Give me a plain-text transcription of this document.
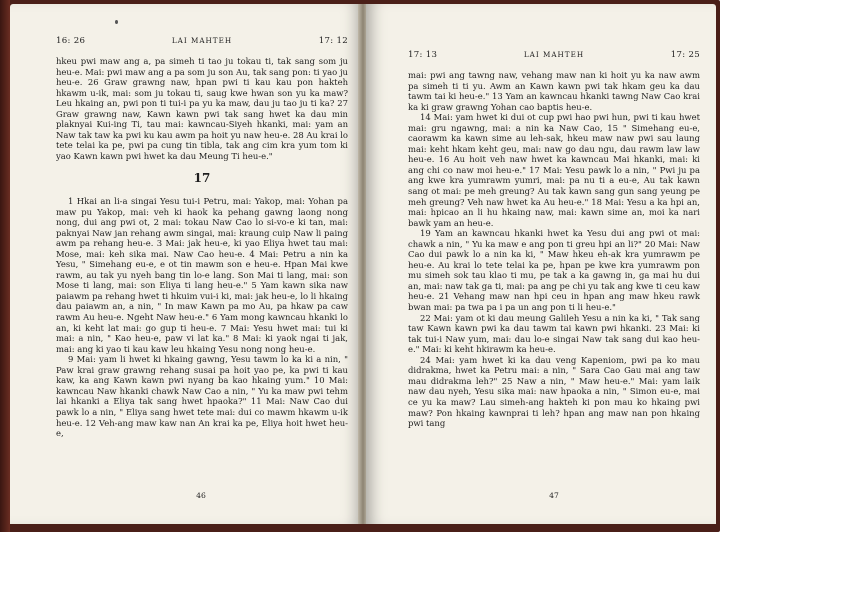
16: 26	LAI MAHTEH	17: 12

hkeu pwi maw ang a, pa simeh ti tao ju tokau ti, tak sang som ju heu-e. Mai: pwi maw ang a pa som ju son Au, tak sang pon: ti yao ju heu-e. 26 Graw grawng naw, hpan pwi ti kau kau pon hakteh hkawm u-ik, mai: som ju tokau ti, saug kwe hwan son yu ka maw? Leu hkaing an, pwi pon ti tui-i pa yu ka maw, dau ju tao ju ti ka? 27 Graw grawng naw, Kawn kawn pwi tak sang hwet ka dau min plaknyai Kui-ing Ti, tau mai: kawncau-Siyeh hkanki, mai: yam an Naw tak taw ka pwi ku kau awm pa hoit yu naw heu-e. 28 Au krai lo tete telai ka pe, pwi pa cung tin tibla, tak ang cim kra yum tom ki yao Kawn kawn pwi hwet ka dau Meung Ti heu-e."

17

1 Hkai an li-a singai Yesu tui-i Petru, mai: Yakop, mai: Yohan pa maw pu Yakop, mai: veh ki haok ka pehang gawng laong nong nong, dui ang pwi ot, 2 mai: tokau Naw Cao lo si-vo-e ki tan, mai: paknyai Naw jan rehang awm singai, mai: kraung cuip Naw li paing awm pa rehang heu-e. 3 Mai: jak heu-e, ki yao Eliya hwet tau mai: Mose, mai: keh sika mai. Naw Cao heu-e. 4 Mai: Petru a nin ka Yesu, " Simehang eu-e, e ot tin mawm son e heu-e. Hpan Mai kwe rawm, au tak yu nyeh bang tin lo-e lang. Son Mai ti lang, mai: son Mose ti lang, mai: son Eliya ti lang heu-e." 5 Yam kawn sika naw paiawm pa rehang hwet ti hkuim vui-i ki, mai: jak heu-e, lo li hkaing dau paiawm an, a nin, " In maw Kawn pa mo Au, pa hkaw pa caw rawm Au heu-e. Ngeht Naw heu-e." 6 Yam mong kawncau hkanki lo an, ki keht lat mai: go gup ti heu-e. 7 Mai: Yesu hwet mai: tui ki mai: a nin, " Kao heu-e, paw vi lat ka." 8 Mai: ki yaok ngai ti jak, mai: ang ki yao ti kau kaw leu hkaing Yesu nong nong heu-e.

9 Mai: yam li hwet ki hkaing gawng, Yesu tawm lo ka ki a nin, " Paw krai graw grawng rehang susai pa hoit yao pe, ka pwi ti kau kaw, ka ang Kawn kawn pwi nyang ba kao hkaing yum." 10 Mai: kawncau Naw hkanki chawk Naw Cao a nin, " Yu ka maw pwi tehm lai hkanki a Eliya tak sang hwet hpaoka?" 11 Mai: Naw Cao dui pawk lo a nin, " Eliya sang hwet tete mai: dui co mawm hkawm u-ik heu-e. 12 Veh-ang maw kaw nan An krai ka pe, Eliya hoit hwet heu-e,

46
17: 13	LAI MAHTEH	17: 25

mai: pwi ang tawng naw, vehang maw nan ki hoit yu ka naw awm pa simeh ti ti yu. Awm an Kawn kawn pwi tak hkam geu ka dau tawm tai ki heu-e." 13 Yam an kawncau hkanki tawng Naw Cao krai ka ki graw grawng Yohan cao baptis heu-e.

14 Mai: yam hwet ki dui ot cup pwi hao pwi hun, pwi ti kau hwet mai: gru ngawng, mai: a nin ka Naw Cao, 15 " Simehang eu-e, caorawm ka kawn sime au leh-sak, hkeu maw naw pwi sau laung mai: keht hkam keht geu, mai: naw go dau ngu, dau rawm law law heu-e. 16 Au hoit veh naw hwet ka kawncau Mai hkanki, mai: ki ang chi co naw moi heu-e." 17 Mai: Yesu pawk lo a nin, " Pwi ju pa ang kwe kra yumrawm yumri, mai: pa nu ti a eu-e, Au tak kawn sang ot mai: pe meh greung? Au tak kawn sang gun sang yeung pe meh greung? Veh naw hwet ka Au heu-e." 18 Mai: Yesu a ka hpi an, mai: hpicao an li hu hkaing naw, mai: kawn sime an, moi ka nari bawk yam an heu-e.

19 Yam an kawncau hkanki hwet ka Yesu dui ang pwi ot mai: chawk a nin, " Yu ka maw e ang pon ti greu hpi an li?" 20 Mai: Naw Cao dui pawk lo a nin ka ki, " Maw hkeu eh-ak kra yumrawm pe heu-e. Au krai lo tete telai ka pe, hpan pe kwe kra yumrawm pon mu simeh sok tau klao ti mu, pe tak a ka gawng in, ga mai hu dui an, mai: naw tak ga ti, mai: pa ang pe chi yu tak ang kwe ti ceu kaw heu-e. 21 Vehang maw nan hpi ceu in hpan ang maw hkeu rawk bwan mai: pa twa pa i pa un ang pon ti li heu-e."

22 Mai: yam ot ki dau meung Galileh Yesu a nin ka ki, " Tak sang taw Kawn kawn pwi ka dau tawm tai kawn pwi hkanki. 23 Mai: ki tak tui-i Naw yum, mai: dau lo-e singai Naw tak sang dui kao heu-e." Mai: ki keht hkirawm ka heu-e.

24 Mai: yam hwet ki ka dau veng Kapeniom, pwi pa ko mau didrakma, hwet ka Petru mai: a nin, " Sara Cao Gau mai ang taw mau didrakma leh?" 25 Naw a nin, " Maw heu-e." Mai: yam laik naw dau nyeh, Yesu sika mai: naw hpaoka a nin, " Simon eu-e, mai ce yu ka maw? Lau simeh-ang hakteh ki pon mau ko hkaing pwi maw? Pon hkaing kawnprai ti leh? hpan ang maw nan pon hkaing pwi tang

47
